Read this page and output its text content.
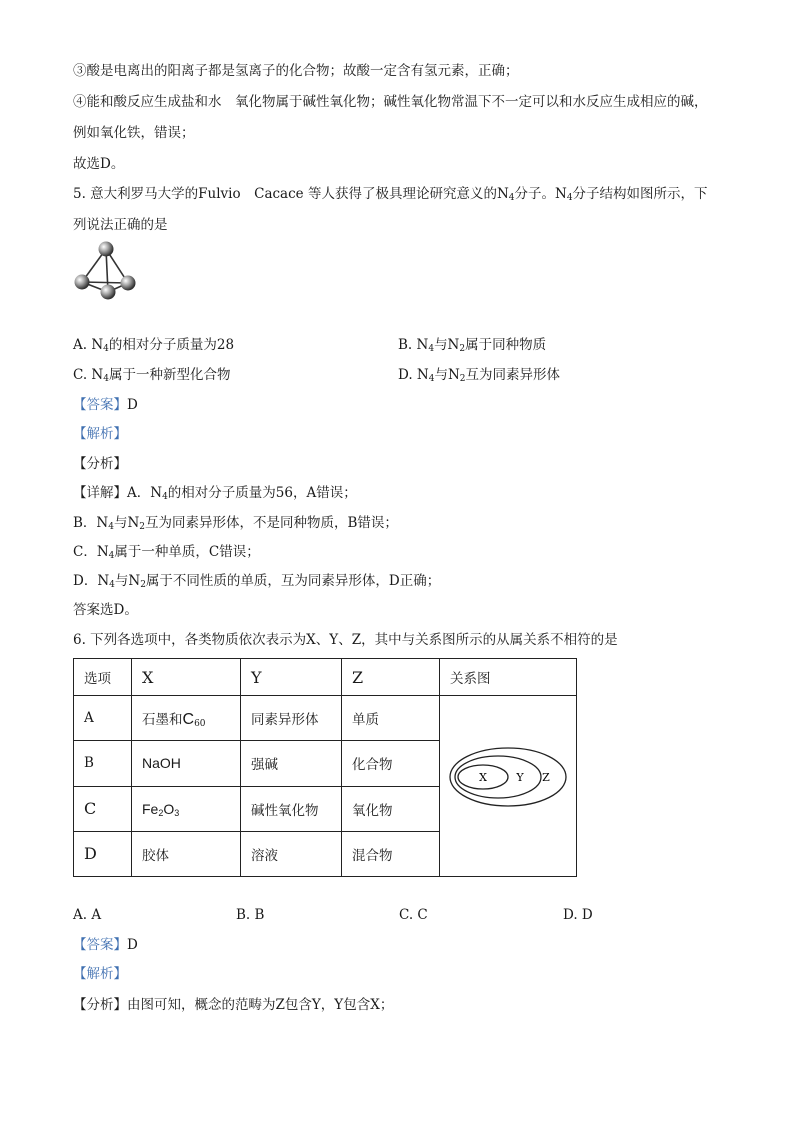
③酸是电离出的阳离子都是氢离子的化合物；故酸一定含有氢元素，正确；
④能和酸反应生成盐和水　氧化物属于碱性氧化物；碱性氧化物常温下不一定可以和水反应生成相应的碱，
例如氧化铁，错误；
故选D。
5. 意大利罗马大学的Fulvio　Cacace 等人获得了极具理论研究意义的$N_4$分子。$N_4$分子结构如图所示，下
列说法正确的是
A. $N_4$的相对分子质量为28	B. $N_4$与$N_2$属于同种物质
C. $N_4$属于一种新型化合物	D. $N_4$与$N_2$互为同素异形体
【答案】D
【解析】
【分析】
【详解】A．$N_4$的相对分子质量为56，A错误；
B．$N_4$与$N_2$互为同素异形体，不是同种物质，B错误；
C．$N_4$属于一种单质，C错误；
D．$N_4$与$N_2$属于不同性质的单质，互为同素异形体，D正确；
答案选D。
6. 下列各选项中，各类物质依次表示为X、Y、Z，其中与关系图所示的从属关系不相符的是
选项	X	Y	Z	关系图
A	石墨和$C_{60}$	同素异形体	单质	X Y Z

B	NaOH	强碱	化合物	
C	$Fe_2O_3$	碱性氧化物	氧化物	
D	胶体	溶液	混合物	
A. A	B. B	C. C	D. D
【答案】D
【解析】
【分析】由图可知，概念的范畴为Z包含Y，Y包含X；
